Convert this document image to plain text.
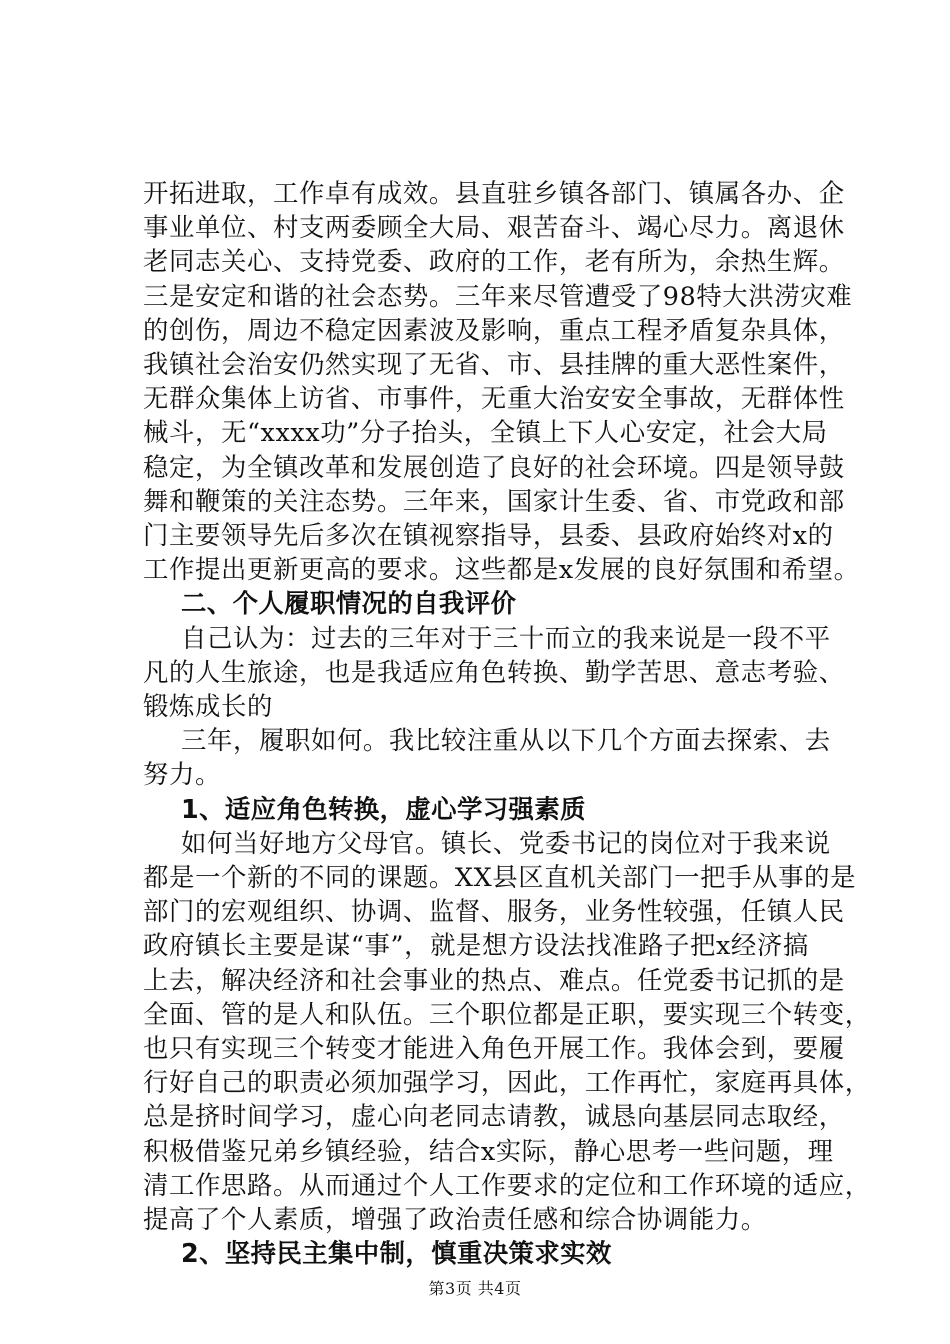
开拓进取，工作卓有成效。县直驻乡镇各部门、镇属各办、企
事业单位、村支两委顾全大局、艰苦奋斗、竭心尽力。离退休
老同志关心、支持党委、政府的工作，老有所为，余热生辉。
三是安定和谐的社会态势。三年来尽管遭受了98特大洪涝灾难
的创伤，周边不稳定因素波及影响，重点工程矛盾复杂具体，
我镇社会治安仍然实现了无省、市、县挂牌的重大恶性案件，
无群众集体上访省、市事件，无重大治安安全事故，无群体性
械斗，无“xxxx功”分子抬头，全镇上下人心安定，社会大局
稳定，为全镇改革和发展创造了良好的社会环境。四是领导鼓
舞和鞭策的关注态势。三年来，国家计生委、省、市党政和部
门主要领导先后多次在镇视察指导，县委、县政府始终对x的
工作提出更新更高的要求。这些都是x发展的良好氛围和希望。
二、个人履职情况的自我评价
自己认为：过去的三年对于三十而立的我来说是一段不平
凡的人生旅途，也是我适应角色转换、勤学苦思、意志考验、
锻炼成长的
三年，履职如何。我比较注重从以下几个方面去探索、去
努力。
1、适应角色转换，虚心学习强素质
如何当好地方父母官。镇长、党委书记的岗位对于我来说
都是一个新的不同的课题。XX县区直机关部门一把手从事的是
部门的宏观组织、协调、监督、服务，业务性较强，任镇人民
政府镇长主要是谋“事”，就是想方设法找准路子把x经济搞
上去，解决经济和社会事业的热点、难点。任党委书记抓的是
全面、管的是人和队伍。三个职位都是正职，要实现三个转变，
也只有实现三个转变才能进入角色开展工作。我体会到，要履
行好自己的职责必须加强学习，因此，工作再忙，家庭再具体，
总是挤时间学习，虚心向老同志请教，诚恳向基层同志取经，
积极借鉴兄弟乡镇经验，结合x实际，静心思考一些问题，理
清工作思路。从而通过个人工作要求的定位和工作环境的适应，
提高了个人素质，增强了政治责任感和综合协调能力。
2、坚持民主集中制，慎重决策求实效
第3页 共4页
